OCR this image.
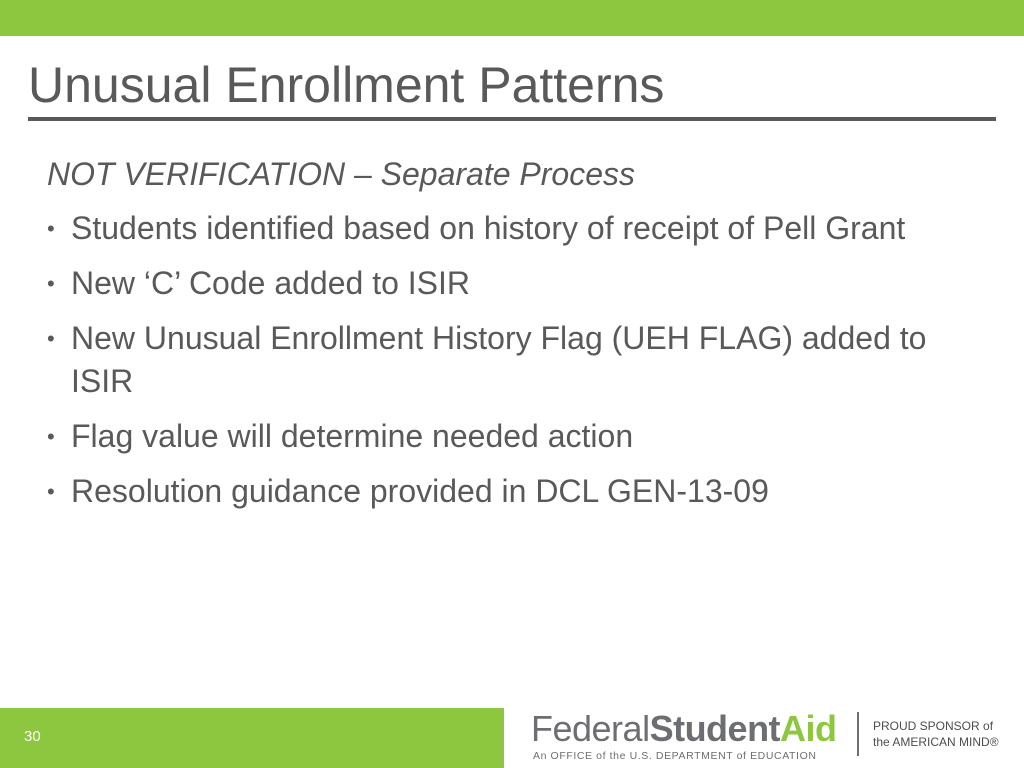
Unusual Enrollment Patterns
NOT VERIFICATION – Separate Process
• Students identified based on history of receipt of Pell Grant
• New ‘C’ Code added to ISIR
• New Unusual Enrollment History Flag (UEH FLAG) added to ISIR
• Flag value will determine needed action
• Resolution guidance provided in DCL GEN-13-09
30	FederalStudentAid
An OFFICE of the U.S. DEPARTMENT of EDUCATION
PROUD SPONSOR of
the AMERICAN MIND®
